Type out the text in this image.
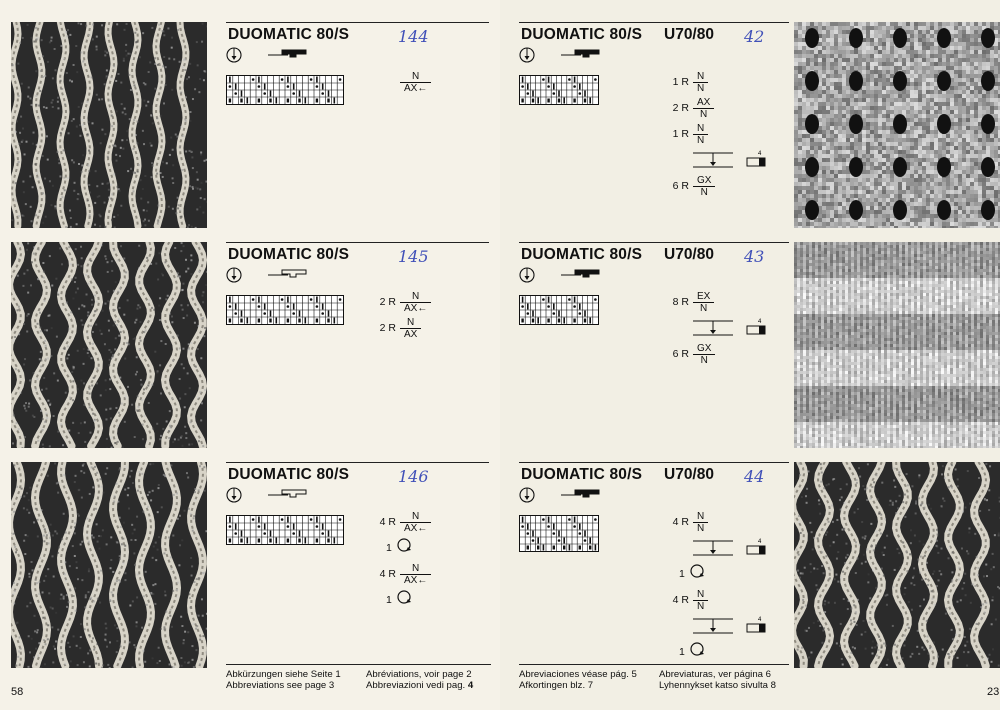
DUOMATIC 80/S	144
$\frac{N}{AX\leftarrow}$
DUOMATIC 80/S	145
2 R $\frac{N}{AX\leftarrow}$
2 R $\frac{N}{AX}$
DUOMATIC 80/S	146
4 R $\frac{N}{AX\leftarrow}$
1
4 R $\frac{N}{AX\leftarrow}$
1
Abkürzungen siehe Seite 1
Abbreviations see page 3
Abréviations, voir page 2
Abbreviazioni vedi pag. 4
58
DUOMATIC 80/S U70/80 42
1 R $\frac{N}{N}$
2 R $\frac{AX}{N}$
1 R $\frac{N}{N}$
4
6 R $\frac{GX}{N}$
DUOMATIC 80/S U70/80 43
8 R $\frac{EX}{N}$
4
6 R $\frac{GX}{N}$
DUOMATIC 80/S U70/80 44
4 R $\frac{N}{N}$
4
1
4 R $\frac{N}{N}$
4
1
Abreviaciones véase pág. 5
Afkortingen blz. 7
Abreviaturas, ver página 6
Lyhennykset katso sivulta 8
23
